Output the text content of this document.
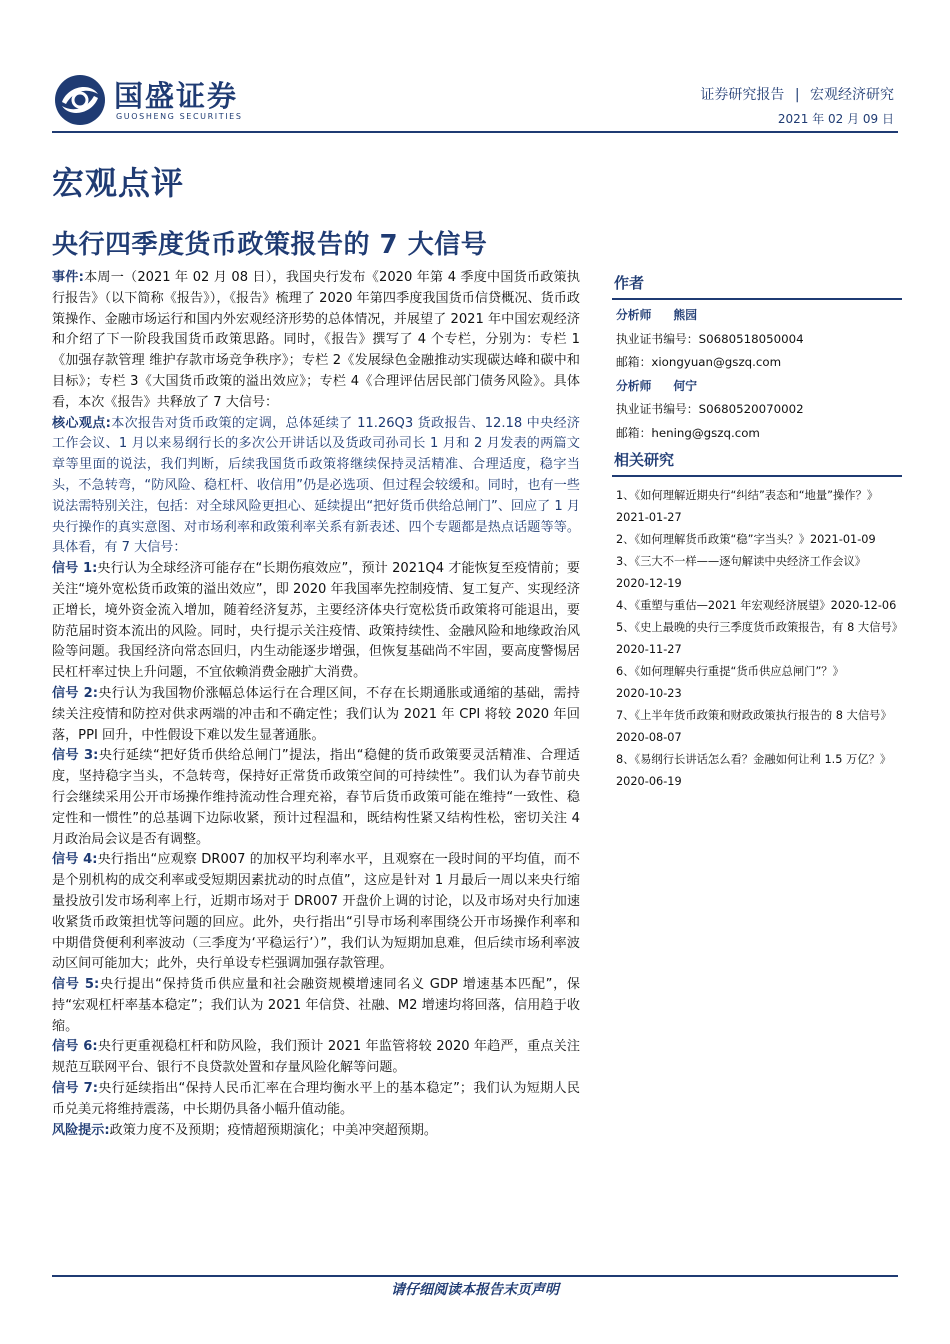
国盛证券
GUOSHENG SECURITIES
证券研究报告 | 宏观经济研究
2021 年 02 月 09 日
宏观点评
央行四季度货币政策报告的 7 大信号

事件:本周一（2021 年 02 月 08 日），我国央行发布《2020 年第 4 季度中国货币政策执行报告》（以下简称《报告》），《报告》梳理了 2020 年第四季度我国货币信贷概况、货币政策操作、金融市场运行和国内外宏观经济形势的总体情况，并展望了 2021 年中国宏观经济和介绍了下一阶段我国货币政策思路。同时，《报告》撰写了 4 个专栏，分别为：专栏 1《加强存款管理 维护存款市场竞争秩序》；专栏 2《发展绿色金融推动实现碳达峰和碳中和目标》；专栏 3《大国货币政策的溢出效应》；专栏 4《合理评估居民部门债务风险》。具体看，本次《报告》共释放了 7 大信号：

核心观点:本次报告对货币政策的定调，总体延续了 11.26Q3 货政报告、12.18 中央经济工作会议、1 月以来易纲行长的多次公开讲话以及货政司孙司长 1 月和 2 月发表的两篇文章等里面的说法，我们判断，后续我国货币政策将继续保持灵活精准、合理适度，稳字当头，不急转弯，“防风险、稳杠杆、收信用”仍是必选项、但过程会较缓和。同时，也有一些说法需特别关注，包括：对全球风险更担心、延续提出“把好货币供给总闸门”、回应了 1 月央行操作的真实意图、对市场利率和政策利率关系有新表述、四个专题都是热点话题等等。具体看，有 7 大信号：

信号 1:央行认为全球经济可能存在“长期伤痕效应”，预计 2021Q4 才能恢复至疫情前；要关注“境外宽松货币政策的溢出效应”，即 2020 年我国率先控制疫情、复工复产、实现经济正增长，境外资金流入增加，随着经济复苏，主要经济体央行宽松货币政策将可能退出，要防范届时资本流出的风险。同时，央行提示关注疫情、政策持续性、金融风险和地缘政治风险等问题。我国经济向常态回归，内生动能逐步增强，但恢复基础尚不牢固，要高度警惕居民杠杆率过快上升问题，不宜依赖消费金融扩大消费。

信号 2:央行认为我国物价涨幅总体运行在合理区间，不存在长期通胀或通缩的基础，需持续关注疫情和防控对供求两端的冲击和不确定性；我们认为 2021 年 CPI 将较 2020 年回落，PPI 回升，中性假设下难以发生显著通胀。

信号 3:央行延续“把好货币供给总闸门”提法，指出“稳健的货币政策要灵活精准、合理适度，坚持稳字当头，不急转弯，保持好正常货币政策空间的可持续性”。我们认为春节前央行会继续采用公开市场操作维持流动性合理充裕，春节后货币政策可能在维持“一致性、稳定性和一惯性”的总基调下边际收紧，预计过程温和，既结构性紧又结构性松，密切关注 4 月政治局会议是否有调整。

信号 4:央行指出“应观察 DR007 的加权平均利率水平，且观察在一段时间的平均值，而不是个别机构的成交利率或受短期因素扰动的时点值”，这应是针对 1 月最后一周以来央行缩量投放引发市场利率上行，近期市场对于 DR007 开盘价上调的讨论，以及市场对央行加速收紧货币政策担忧等问题的回应。此外，央行指出“引导市场利率围绕公开市场操作利率和中期借贷便利利率波动（三季度为‘平稳运行’）”，我们认为短期加息难，但后续市场利率波动区间可能加大；此外，央行单设专栏强调加强存款管理。

信号 5:央行提出“保持货币供应量和社会融资规模增速同名义 GDP 增速基本匹配”，保持“宏观杠杆率基本稳定”；我们认为 2021 年信贷、社融、M2 增速均将回落，信用趋于收缩。

信号 6:央行更重视稳杠杆和防风险，我们预计 2021 年监管将较 2020 年趋严，重点关注规范互联网平台、银行不良贷款处置和存量风险化解等问题。

信号 7:央行延续指出“保持人民币汇率在合理均衡水平上的基本稳定”；我们认为短期人民币兑美元将维持震荡，中长期仍具备小幅升值动能。

风险提示:政策力度不及预期；疫情超预期演化；中美冲突超预期。

作者
分析师 熊园
执业证书编号：S0680518050004
邮箱：xiongyuan@gszq.com
分析师 何宁
执业证书编号：S0680520070002
邮箱：hening@gszq.com
相关研究
1、《如何理解近期央行“纠结”表态和“地量”操作？》
2021-01-27
2、《如何理解货币政策“稳”字当头？》2021-01-09
3、《三大不一样——逐句解读中央经济工作会议》
2020-12-19
4、《重塑与重估—2021 年宏观经济展望》2020-12-06
5、《史上最晚的央行三季度货币政策报告，有 8 大信号》2020-11-27
6、《如何理解央行重提“货币供应总闸门”？》
2020-10-23
7、《上半年货币政策和财政政策执行报告的 8 大信号》
2020-08-07
8、《易纲行长讲话怎么看？金融如何让利 1.5 万亿？》
2020-06-19
请仔细阅读本报告末页声明
